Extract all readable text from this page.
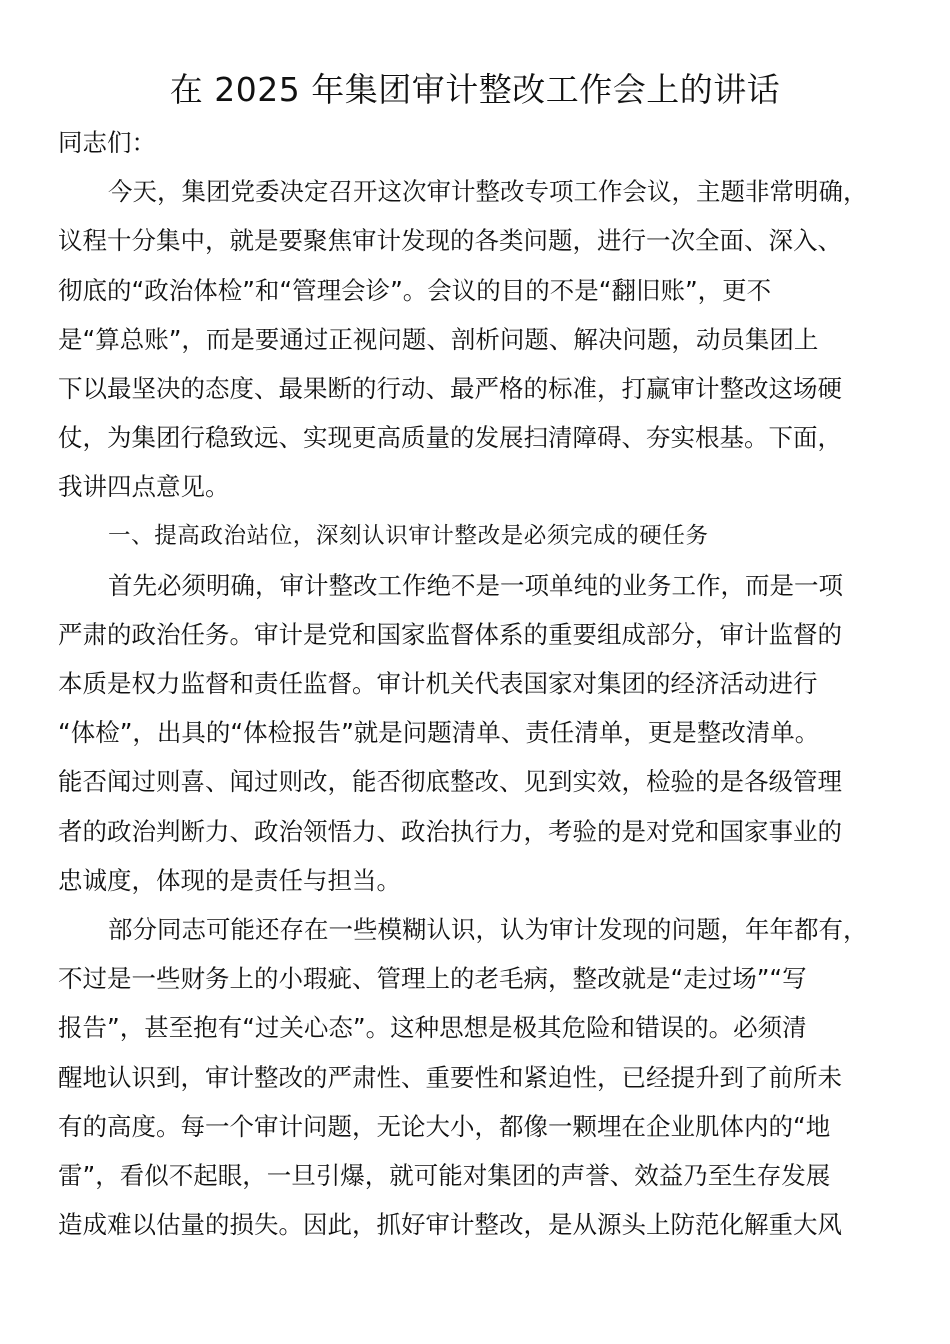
在 2025 年集团审计整改工作会上的讲话
同志们：
今天，集团党委决定召开这次审计整改专项工作会议，主题非常明确，
议程十分集中，就是要聚焦审计发现的各类问题，进行一次全面、深入、
彻底的“政治体检”和“管理会诊”。会议的目的不是“翻旧账”，更不
是“算总账”，而是要通过正视问题、剖析问题、解决问题，动员集团上
下以最坚决的态度、最果断的行动、最严格的标准，打赢审计整改这场硬
仗，为集团行稳致远、实现更高质量的发展扫清障碍、夯实根基。下面，
我讲四点意见。
一、提高政治站位，深刻认识审计整改是必须完成的硬任务
首先必须明确，审计整改工作绝不是一项单纯的业务工作，而是一项
严肃的政治任务。审计是党和国家监督体系的重要组成部分，审计监督的
本质是权力监督和责任监督。审计机关代表国家对集团的经济活动进行
“体检”，出具的“体检报告”就是问题清单、责任清单，更是整改清单。
能否闻过则喜、闻过则改，能否彻底整改、见到实效，检验的是各级管理
者的政治判断力、政治领悟力、政治执行力，考验的是对党和国家事业的
忠诚度，体现的是责任与担当。
部分同志可能还存在一些模糊认识，认为审计发现的问题，年年都有，
不过是一些财务上的小瑕疵、管理上的老毛病，整改就是“走过场”“写
报告”，甚至抱有“过关心态”。这种思想是极其危险和错误的。必须清
醒地认识到，审计整改的严肃性、重要性和紧迫性，已经提升到了前所未
有的高度。每一个审计问题，无论大小，都像一颗埋在企业肌体内的“地
雷”，看似不起眼，一旦引爆，就可能对集团的声誉、效益乃至生存发展
造成难以估量的损失。因此，抓好审计整改，是从源头上防范化解重大风
